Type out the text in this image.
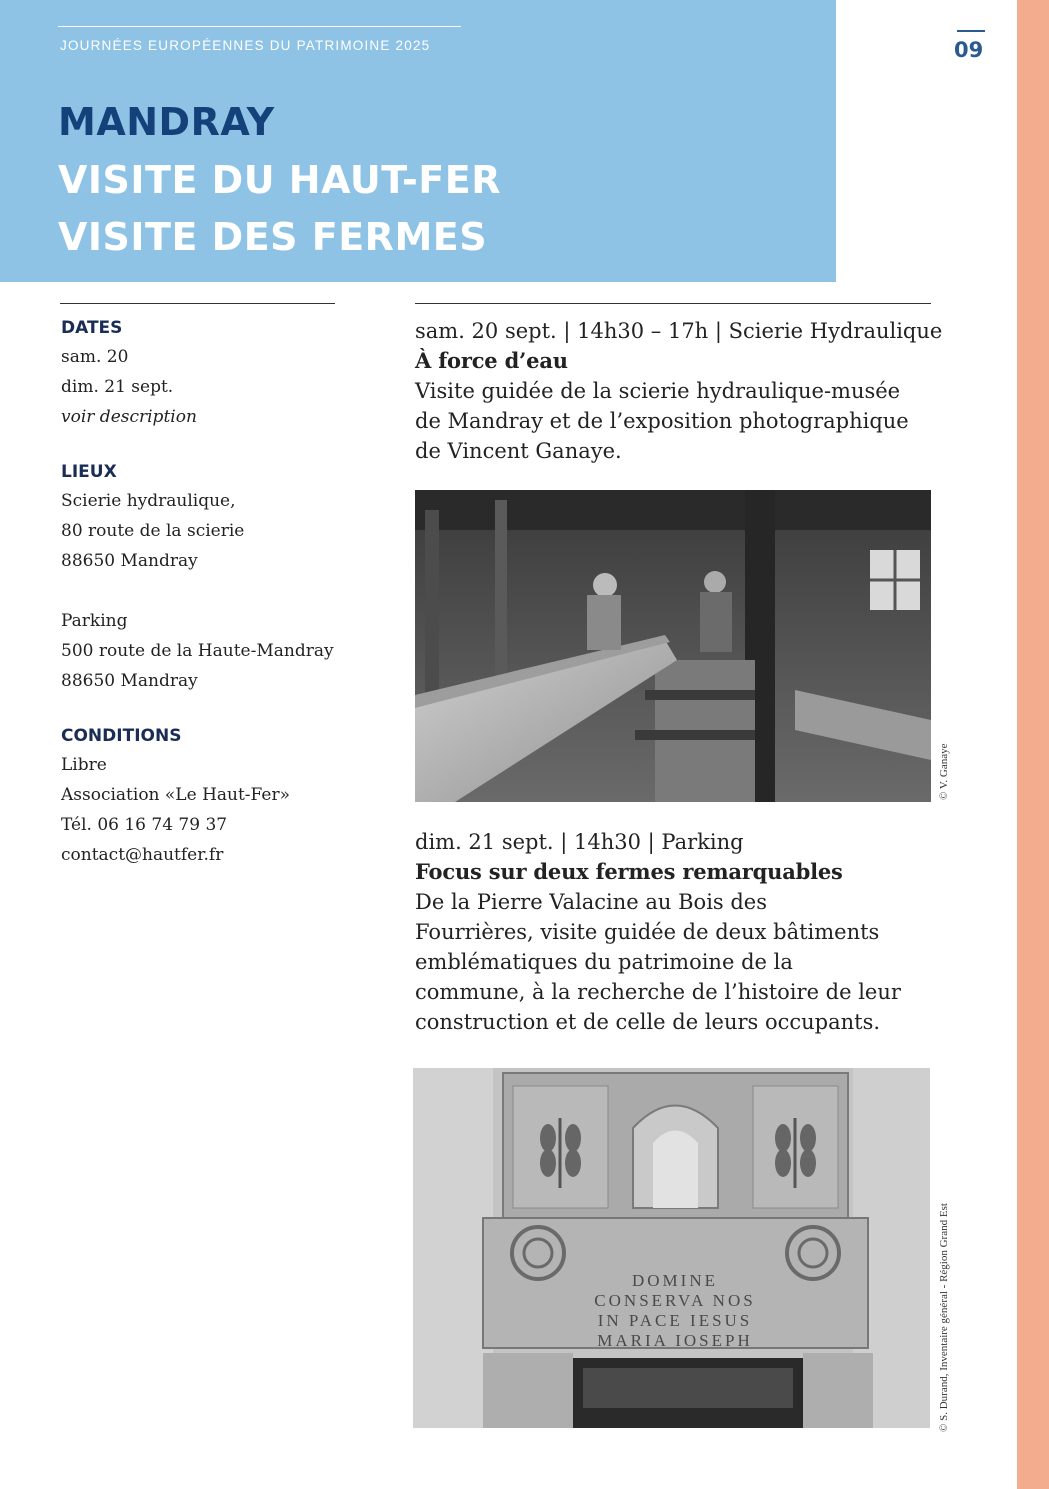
JOURNÉES EUROPÉENNES DU PATRIMOINE 2025
MANDRAY
VISITE DU HAUT-FER
VISITE DES FERMES
09
DATES
sam. 20
dim. 21 sept.
voir description
LIEUX
Scierie hydraulique,
80 route de la scierie
88650 Mandray
Parking
500 route de la Haute-Mandray
88650 Mandray
CONDITIONS
Libre
Association «Le Haut-Fer»
Tél. 06 16 74 79 37
contact@hautfer.fr
sam. 20 sept. | 14h30 – 17h | Scierie Hydraulique
À force d’eau
Visite guidée de la scierie hydraulique-musée
de Mandray et de l’exposition photographique
de Vincent Ganaye.
© V. Ganaye
dim. 21 sept. | 14h30 | Parking
Focus sur deux fermes remarquables
De la Pierre Valacine au Bois des
Fourrières, visite guidée de deux bâtiments
emblématiques du patrimoine de la
commune, à la recherche de l’histoire de leur
construction et de celle de leurs occupants.
DOMINE
CONSERVA NOS
IN PACE IESUS
MARIA IOSEPH	© S. Durand, Inventaire général - Région Grand Est
